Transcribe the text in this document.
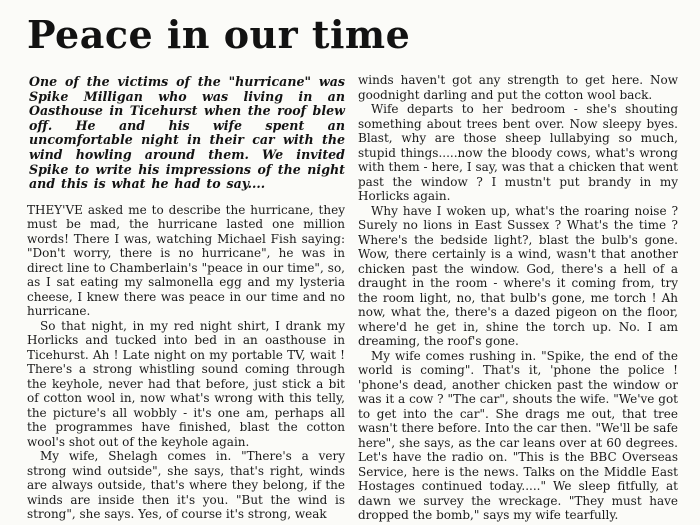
Peace in our time

One of the victims of the "hurricane" was Spike Milligan who was living in an Oasthouse in Ticehurst when the roof blew off. He and his wife spent an uncomfortable night in their car with the wind howling around them. We invited Spike to write his impressions of the night and this is what he had to say....

THEY'VE asked me to describe the hurricane, they must be mad, the hurricane lasted one million words! There I was, watching Michael Fish saying: "Don't worry, there is no hurricane", he was in direct line to Chamberlain's "peace in our time", so, as I sat eating my salmonella egg and my lysteria cheese, I knew there was peace in our time and no hurricane.

So that night, in my red night shirt, I drank my Horlicks and tucked into bed in an oasthouse in Ticehurst. Ah ! Late night on my portable TV, wait ! There's a strong whistling sound coming through the keyhole, never had that before, just stick a bit of cotton wool in, now what's wrong with this telly, the picture's all wobbly - it's one am, perhaps all the programmes have finished, blast the cotton wool's shot out of the keyhole again.

My wife, Shelagh comes in. "There's a very strong wind outside", she says, that's right, winds are always outside, that's where they belong, if the winds are inside then it's you. "But the wind is strong", she says. Yes, of course it's strong, weak

winds haven't got any strength to get here. Now goodnight darling and put the cotton wool back.

Wife departs to her bedroom - she's shouting something about trees bent over. Now sleepy byes. Blast, why are those sheep lullabying so much, stupid things.....now the bloody cows, what's wrong with them - here, I say, was that a chicken that went past the window ? I mustn't put brandy in my Horlicks again.

Why have I woken up, what's the roaring noise ? Surely no lions in East Sussex ? What's the time ? Where's the bedside light?, blast the bulb's gone. Wow, there certainly is a wind, wasn't that another chicken past the window. God, there's a hell of a draught in the room - where's it coming from, try the room light, no, that bulb's gone, me torch ! Ah now, what the, there's a dazed pigeon on the floor, where'd he get in, shine the torch up. No. I am dreaming, the roof's gone.

My wife comes rushing in. "Spike, the end of the world is coming". That's it, 'phone the police ! 'phone's dead, another chicken past the window or was it a cow ? "The car", shouts the wife. "We've got to get into the car". She drags me out, that tree wasn't there before. Into the car then. "We'll be safe here", she says, as the car leans over at 60 degrees. Let's have the radio on. "This is the BBC Overseas Service, here is the news. Talks on the Middle East Hostages continued today....." We sleep fitfully, at dawn we survey the wreckage. "They must have dropped the bomb," says my wife tearfully.
